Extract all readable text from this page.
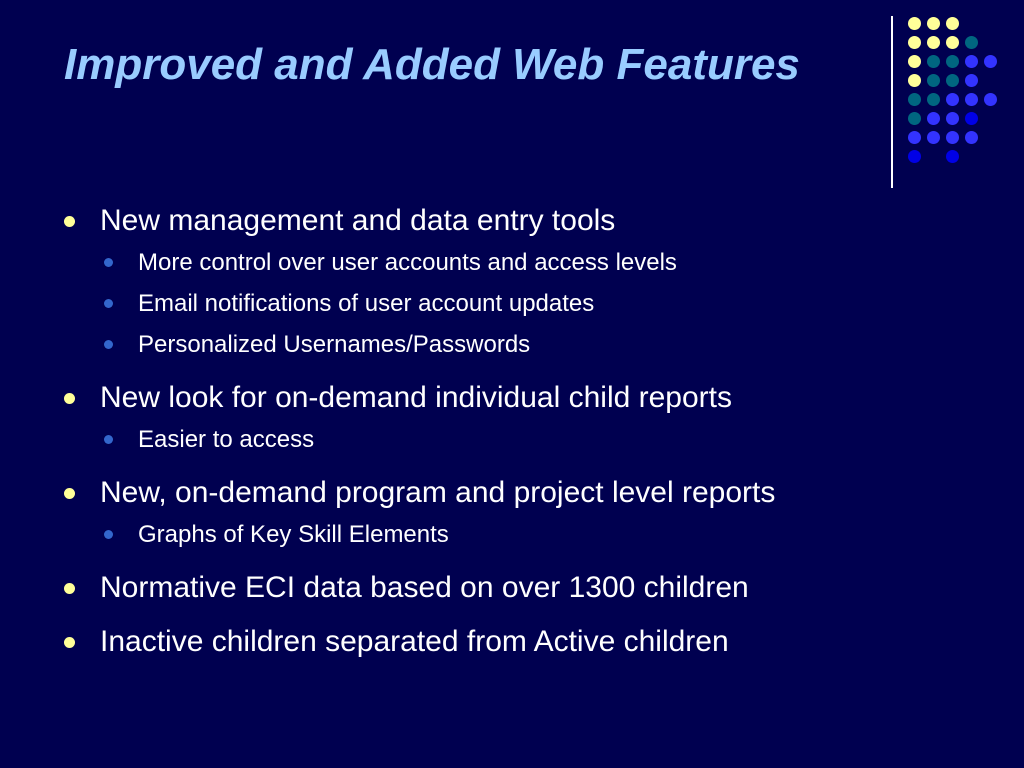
Improved and Added Web Features
New management and data entry tools
More control over user accounts and access levels
Email notifications of user account updates
Personalized Usernames/Passwords
New look for on-demand individual child reports
Easier to access
New, on-demand program and project level reports
Graphs of Key Skill Elements
Normative ECI data based on over 1300 children
Inactive children separated from Active children
